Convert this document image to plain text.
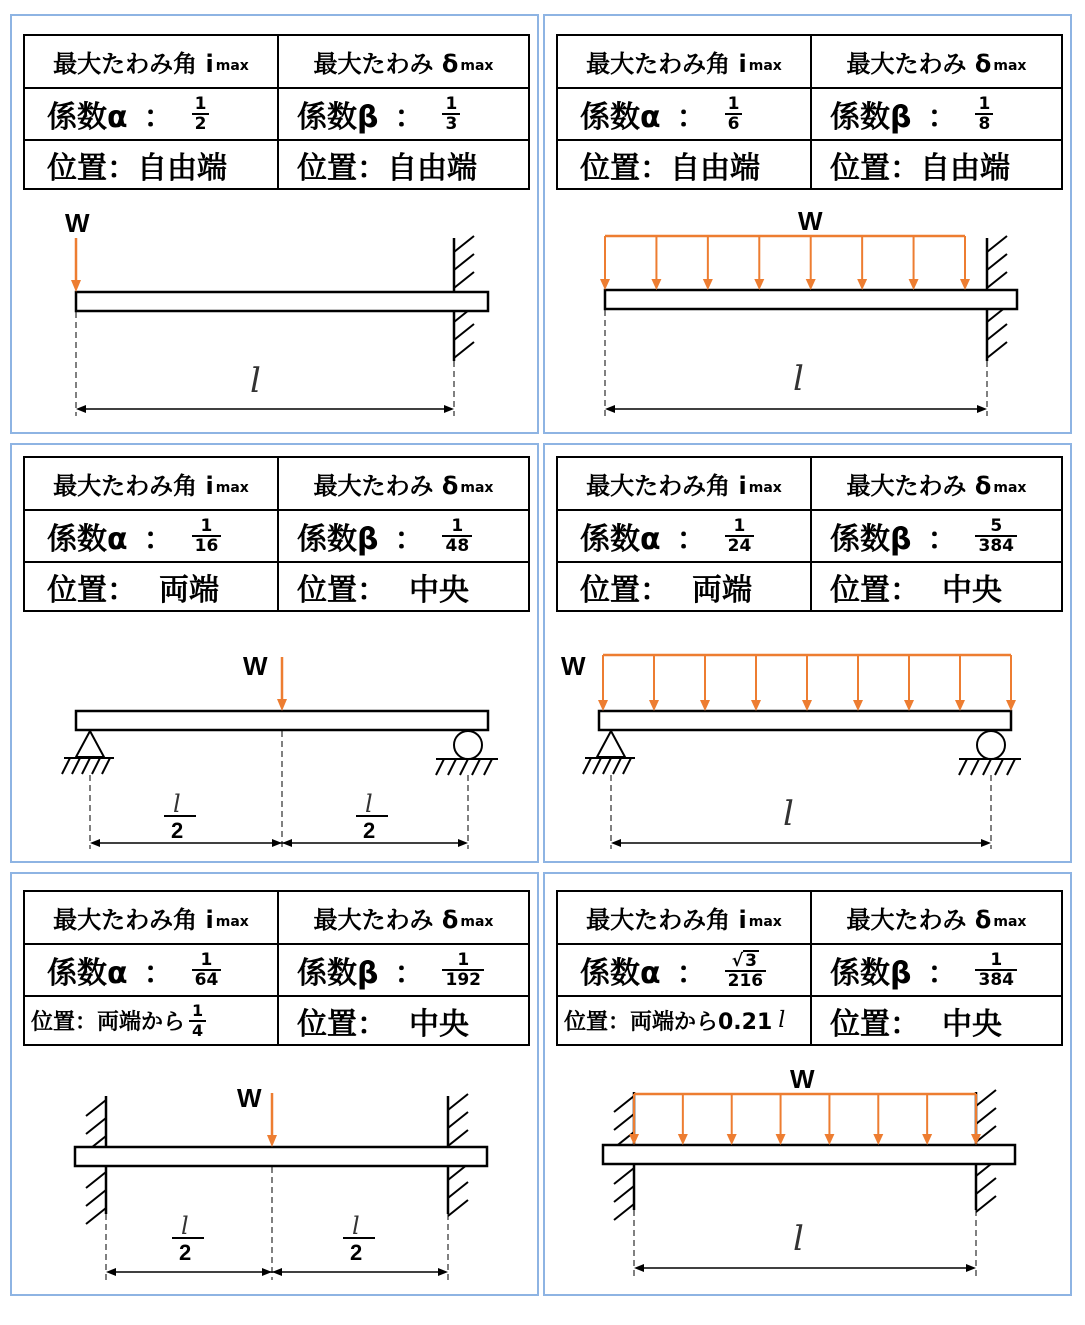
最大たわみ角 i max	最大たわみ δ max
係数α ： $\frac{1}{2}$	係数β ： $\frac{1}{3}$
位置： 自由端 位置： 自由端
W
l
最大たわみ角 i max	最大たわみ δ max
係数α ： $\frac{1}{6}$	係数β ： $\frac{1}{8}$
位置： 自由端 位置： 自由端
W
l
最大たわみ角 i max	最大たわみ δ max
係数α ： $\frac{1}{16}$	係数β ： $\frac{1}{48}$
位置： 両端	位置： 中央
W
l
2
l
2
最大たわみ角 i max	最大たわみ δ max
係数α ： $\frac{1}{24}$	係数β ： $\frac{5}{384}$
位置： 両端	位置： 中央
W
l
最大たわみ角 i max	最大たわみ δ max
係数α ： $\frac{1}{64}$	係数β ： $\frac{1}{192}$
位置：両端から $\frac{1}{4}$	位置： 中央
W
l
2
l
2
最大たわみ角 i max	最大たわみ δ max
係数α ： $\frac{√ 3}{216}$ 係数β ： $\frac{1}{384}$
位置：両端から0.21 l 位置： 中央
W
l
